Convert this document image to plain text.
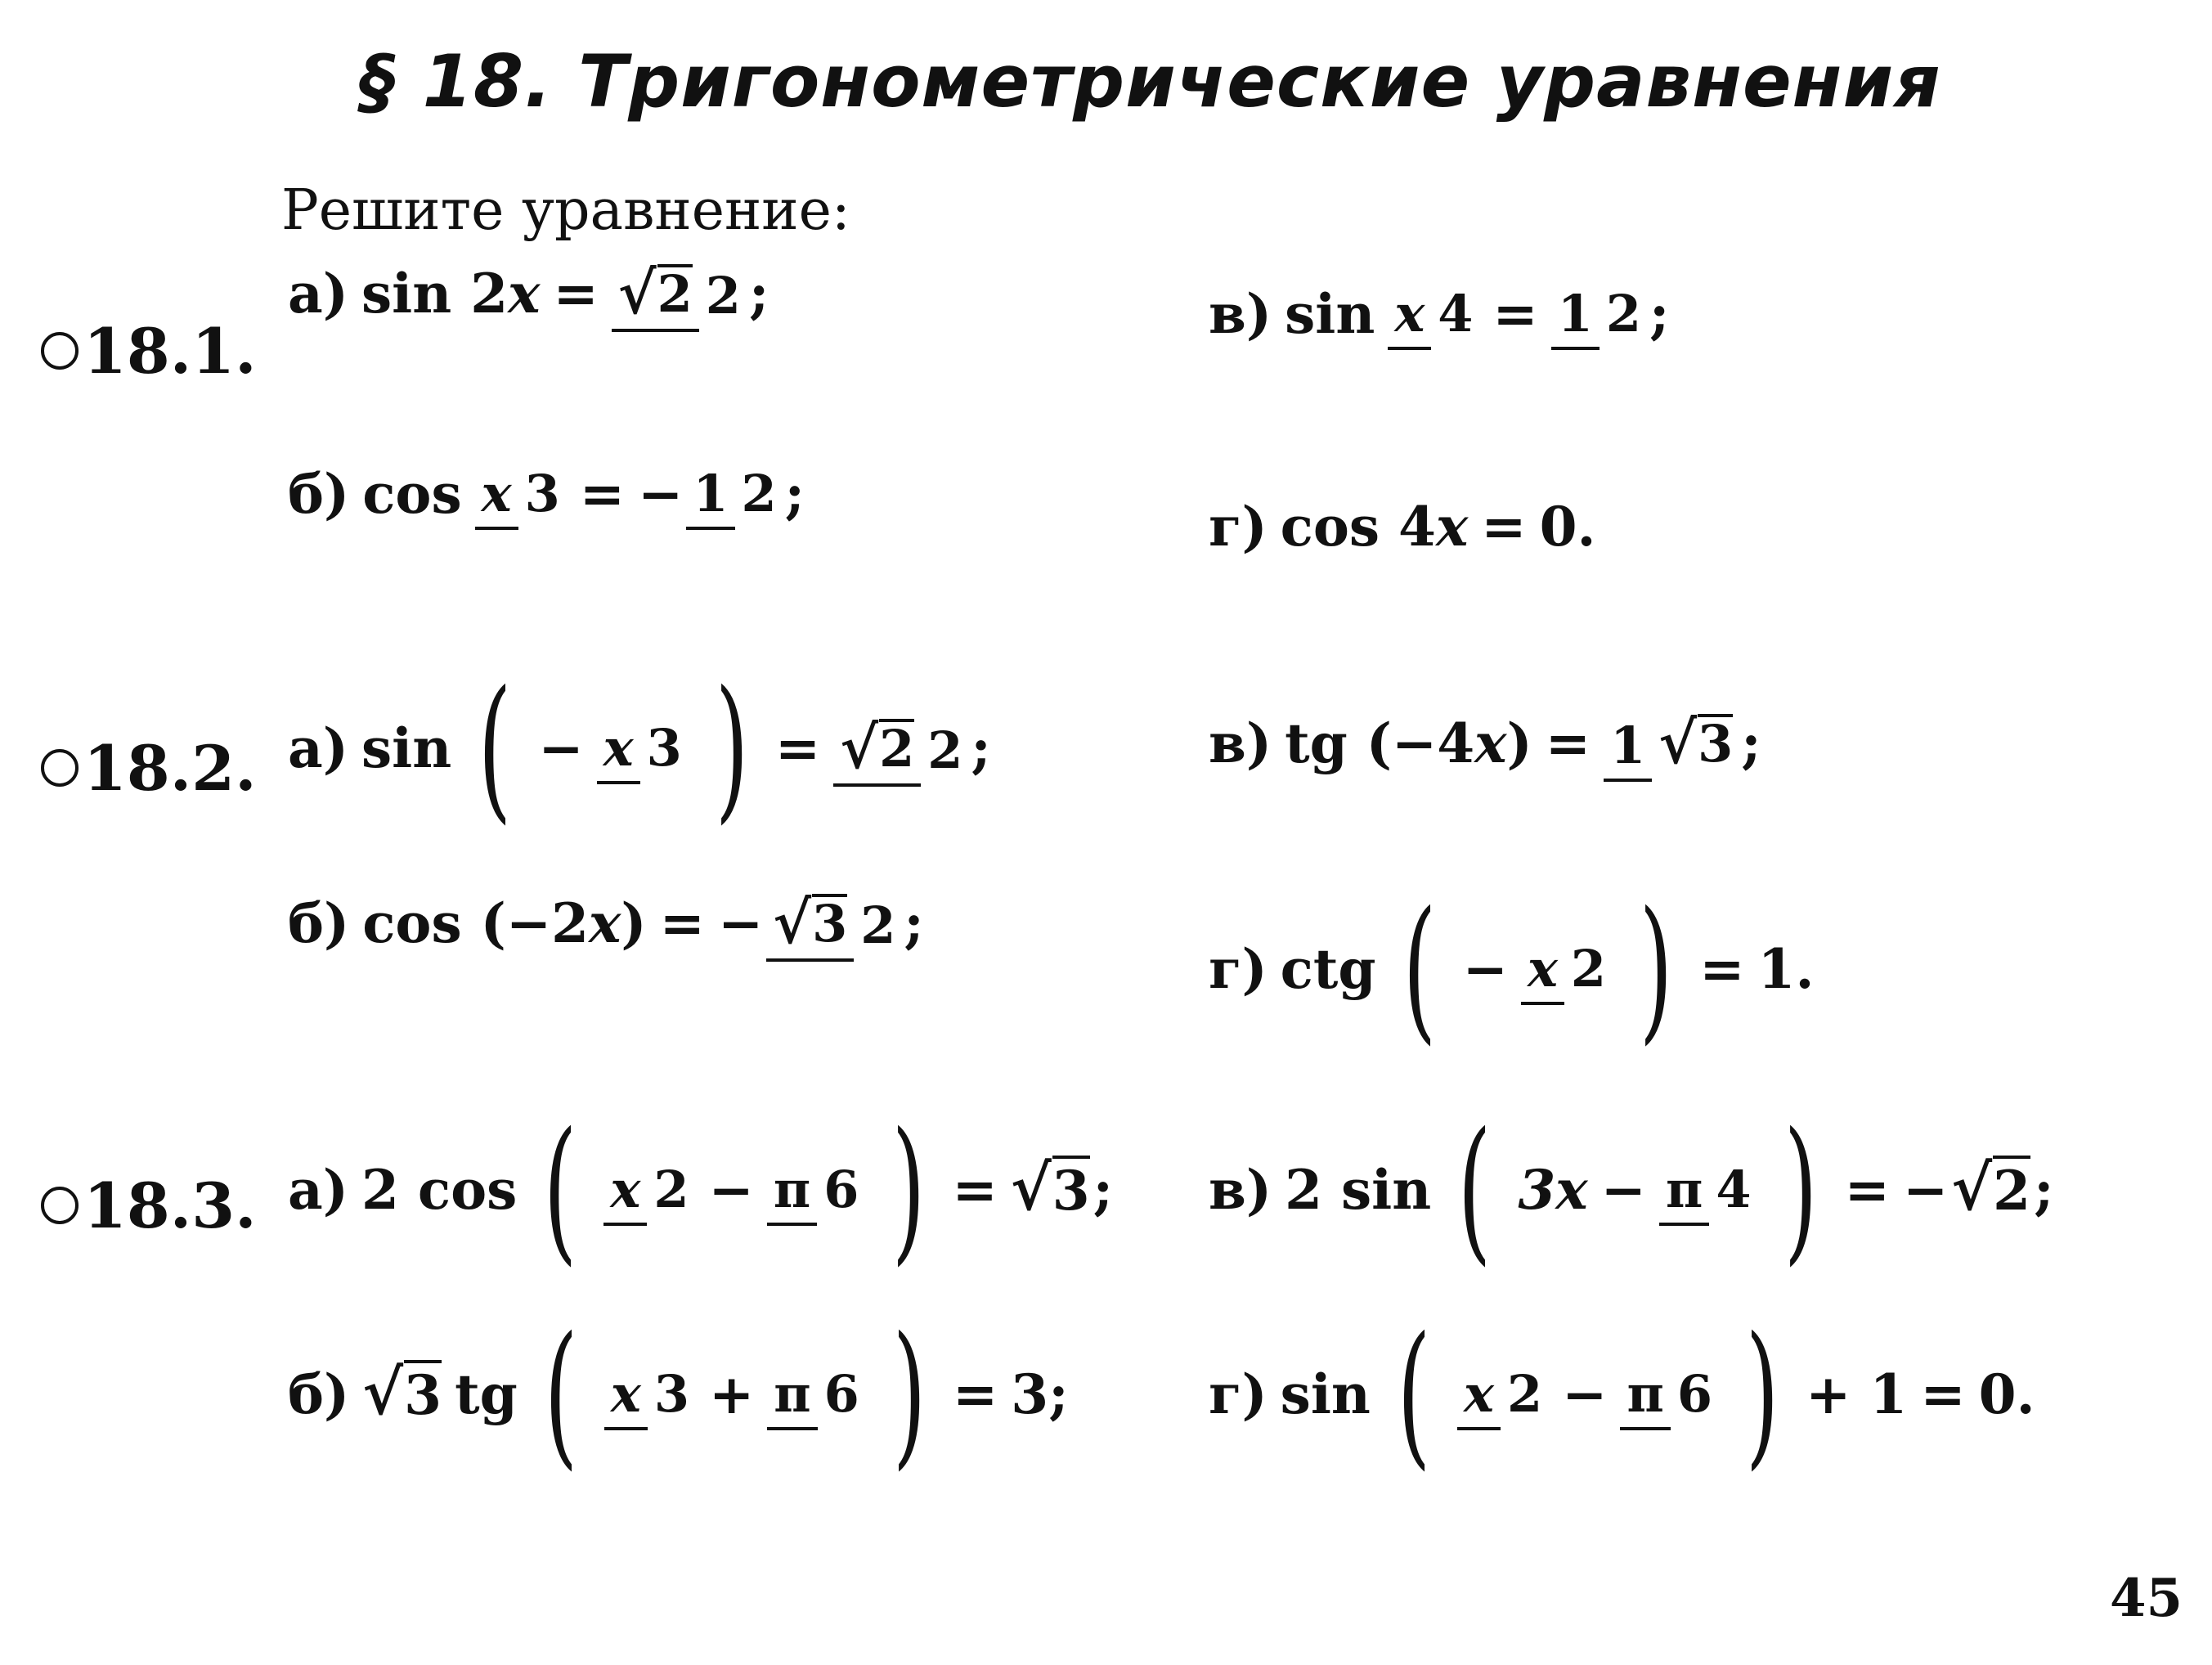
§ 18. Тригонометрические уравнения
Решите уравнение:
18.1.
а) sin 2 x = √ 2 2 ;	в) sin x 4 = 1 2 ;
б) cos x 3 = − 1 2 ;
г) cos 4 x = 0.
18.2. а) sin ( − x 3 ) = √ 2 2 ;	в) tg (−4 x ) = 1 √ 3 ;
б) cos (−2 x ) = − √ 3 2 ;
г) ctg ( − x 2 ) = 1.
18.3. а) 2 cos ( x 2 − π 6 ) = √3 ; в) 2 sin ( 3x − π 4 ) = − √2 ;
б) √3 tg ( x 3 + π 6 ) = 3;	г) sin ( x 2 − π 6 ) + 1 = 0.
45
